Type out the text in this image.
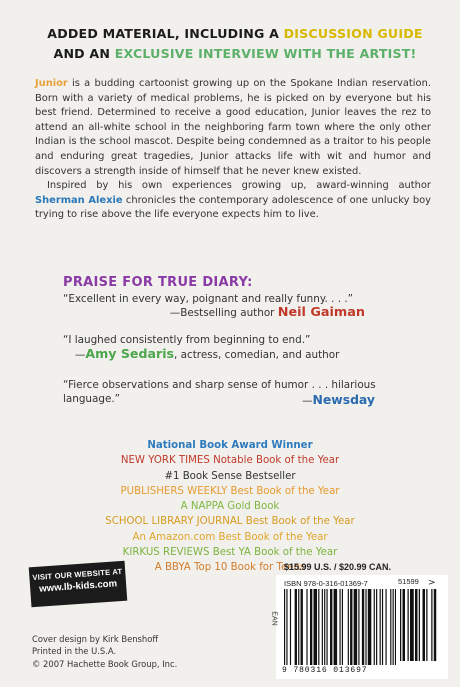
ADDED MATERIAL, INCLUDING A DISCUSSION GUIDE
AND AN EXCLUSIVE INTERVIEW WITH THE ARTIST!

Junior is a budding cartoonist growing up on the Spokane Indian reservation. Born with a variety of medical problems, he is picked on by everyone but his best friend. Determined to receive a good education, Junior leaves the rez to attend an all-white school in the neighboring farm town where the only other Indian is the school mascot. Despite being condemned as a traitor to his people and enduring great tragedies, Junior attacks life with wit and humor and discovers a strength inside of himself that he never knew existed.

Inspired by his own experiences growing up, award-winning author Sherman Alexie chronicles the contemporary adolescence of one unlucky boy trying to rise above the life everyone expects him to live.

PRAISE FOR TRUE DIARY:
“Excellent in every way, poignant and really funny. . . .”
—Bestselling author Neil Gaiman
“I laughed consistently from beginning to end.”
—Amy Sedaris, actress, comedian, and author
“Fierce observations and sharp sense of humor . . . hilarious language.”	—Newsday
National Book Award Winner
NEW YORK TIMES Notable Book of the Year
#1 Book Sense Bestseller
PUBLISHERS WEEKLY Best Book of the Year
A NAPPA Gold Book
SCHOOL LIBRARY JOURNAL Best Book of the Year
An Amazon.com Best Book of the Year
KIRKUS REVIEWS Best YA Book of the Year
A BBYA Top 10 Book for Teens
VISIT OUR WEBSITE AT
www.lb-kids.com
$15.99 U.S. / $20.99 CAN.
ISBN 978-0-316-01369-7	51599 >
EAN
9 780316 013697
Cover design by Kirk Benshoff
Printed in the U.S.A.
© 2007 Hachette Book Group, Inc.
